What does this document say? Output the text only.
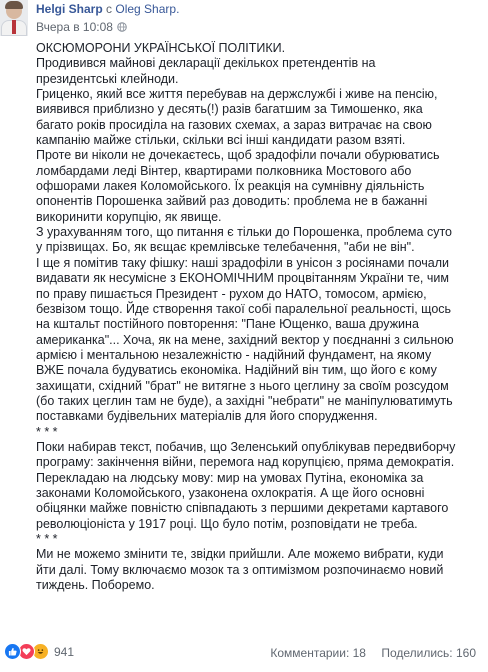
Helgi Sharp с Oleg Sharp.
Вчера в 10:08

ОКСЮМОРОНИ УКРАЇНСЬКОЇ ПОЛІТИКИ.

Продивився майнові декларації декількох претендентів на президентські клейноди.

Гриценко, який все життя перебував на держслужбі і живе на пенсію, виявився приблизно у десять(!) разів багатшим за Тимошенко, яка багато років просиділа на газових схемах, а зараз витрачає на свою кампанію майже стільки, скільки всі інші кандидати разом взяті.

Проте ви ніколи не дочекаєтесь, щоб зрадофіли почали обурюватись ломбардами леді Вінтер, квартирами полковника Мостового або офшорами лакея Коломойського. Їх реакція на сумнівну діяльність опонентів Порошенка зайвий раз доводить: проблема не в бажанні викоринити корупцію, як явище.

З урахуванням того, що питання є тільки до Порошенка, проблема суто у прізвищах. Бо, як вєщає кремлівське телебачення, "аби не він".

І ще я помітив таку фішку: наші зрадофіли в унісон з росіянами почали видавати як несумісне з ЕКОНОМІЧНИМ процвітанням України те, чим по праву пишається Президент - рухом до НАТО, томосом, армією, безвізом тощо. Йде створення такої собі паралельної реальності, щось на кштальт постійного повторення: "Пане Ющенко, ваша дружина американка"... Хоча, як на мене, західний вектор у поєднанні з сильною армією і ментальною незалежністю - надійний фундамент, на якому ВЖЕ почала будуватись економіка. Надійний він тим, що його є кому захищати, східний "брат" не витягне з нього цеглину за своїм розсудом (бо таких цеглин там не буде), а західні "небрати" не маніпулюватимуть поставками будівельних матеріалів для його спорудження.

* * *

Поки набирав текст, побачив, що Зеленський опублікував передвиборчу програму: закінчення війни, перемога над корупцією, пряма демократія. Перекладаю на людську мову: мир на умовах Путіна, економіка за законами Коломойського, узаконена охлократія. А ще його основні обіцянки майже повністю співпадають з першими декретами картавого революціоніста у 1917 році. Що було потім, розповідати не треба.

* * *

Ми не можемо змінити те, звідки прийшли. Але можемо вибрати, куди йти далі. Тому включаємо мозок та з оптимізмом розпочинаємо новий тиждень. Поборемо.

941	Комментарии: 18 Поделились: 160
